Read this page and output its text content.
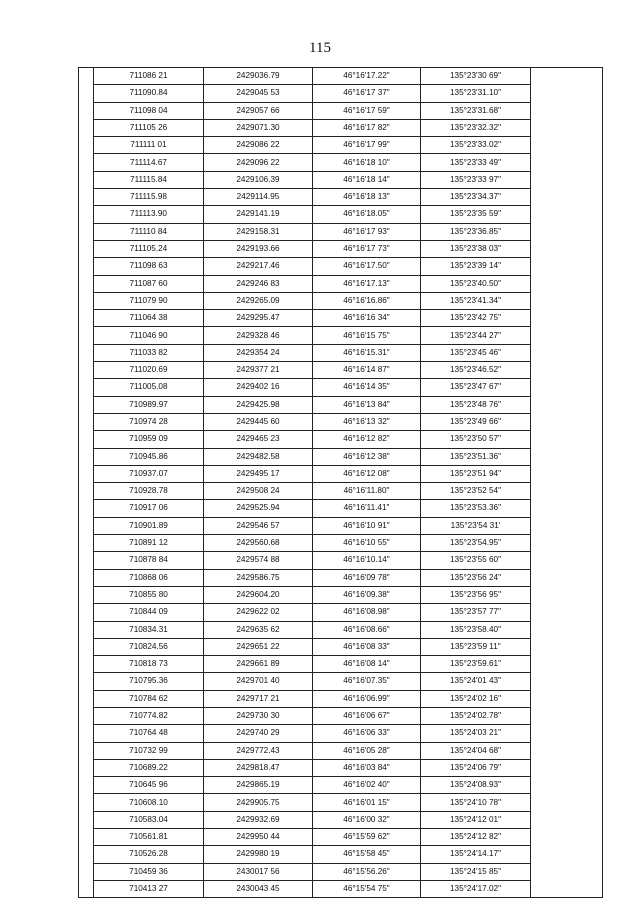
115
	711086 21	2429036.79	46°16'17.22"	135°23'30 69"	
	711090.84	2429045 53	46°16'17 37"	135°23'31.10"	
	711098 04	2429057 66	46°16'17 59"	135°23'31.68"	
	711105 26	2429071.30	46°16'17 82"	135°23'32.32"	
	711111 01	2429086 22	46°16'17 99"	135°23'33.02"	
	711114.67	2429096 22	46°16'18 10"	135°23'33 49"	
	711115.84	2429106.39	46°16'18 14"	135°23'33 97"	
	711115.98	2429114.95	46°16'18 13"	135°23'34.37"	
	711113.90	2429141.19	46°16'18.05"	135°23'35 59"	
	711110 84	2429158.31	46°16'17 93"	135°23'36.85"	
	711105.24	2429193.66	46°16'17 73"	135°23'38 03"	
	711098 63	2429217.46	46°16'17.50"	135°23'39 14"	
	711087 60	2429246 83	46°16'17.13"	135°23'40.50"	
	711079 90	2429265.09	46°16'16.86"	135°23'41.34"	
	711064 38	2429295.47	46°16'16 34"	135°23'42 75"	
	711046 90	2429328 46	46°16'15 75"	135°23'44 27"	
	711033 82	2429354 24	46°16'15.31"	135°23'45 46"	
	711020.69	2429377 21	46°16'14 87"	135°23'46.52"	
	711005.08	2429402 16	46°16'14 35"	135°23'47 67"	
	710989.97	2429425.98	46°16'13 84"	135°23'48 76"	
	710974 28	2429445 60	46°16'13 32"	135°23'49 66"	
	710959 09	2429465 23	46°16'12 82"	135°23'50 57"	
	710945.86	2429482.58	46°16'12 38"	135°23'51.36"	
	710937.07	2429495 17	46°16'12 08"	135°23'51 94"	
	710928.78	2429508 24	46°16'11.80"	135°23'52 54"	
	710917 06	2429525.94	46°16'11.41"	135°23'53.36"	
	710901.89	2429546 57	46°16'10 91"	135°23'54 31'	
	710891 12	2429560.68	46°16'10 55"	135°23'54.95"	
	710878 84	2429574 88	46°16'10.14"	135°23'55 60"	
	710868 06	2429586.75	46°16'09 78"	135°23'56 24"	
	710855 80	2429604.20	46°16'09.38"	135°23'56 95"	
	710844 09	2429622 02	46°16'08.98"	135°23'57 77"	
	710834.31	2429635 62	46°16'08.66"	135°23'58.40"	
	710824.56	2429651 22	46°16'08 33"	135°23'59 11"	
	710818 73	2429661 89	46°16'08 14"	135°23'59.61"	
	710795.36	2429701 40	46°16'07.35"	135°24'01 43"	
	710784 62	2429717 21	46°16'06.99"	135°24'02 16"	
	710774.82	2429730 30	46°16'06 67"	135°24'02.78"	
	710764 48	2429740 29	46°16'06 33"	135°24'03 21"	
	710732 99	2429772.43	46°16'05 28"	135°24'04 68"	
	710689.22	2429818.47	46°16'03 84"	135°24'06 79"	
	710645 96	2429865.19	46°16'02 40"	135°24'08.93"	
	710608.10	2429905.75	46°16'01 15"	135°24'10 78"	
	710583.04	2429932.69	46°16'00 32"	135°24'12 01"	
	710561.81	2429950 44	46°15'59 62"	135°24'12 82"	
	710526.28	2429980 19	46°15'58 45"	135°24'14.17"	
	710459 36	2430017 56	46°15'56.26"	135°24'15 85"	
	710413 27	2430043 45	46°15'54 75"	135°24'17.02"	
